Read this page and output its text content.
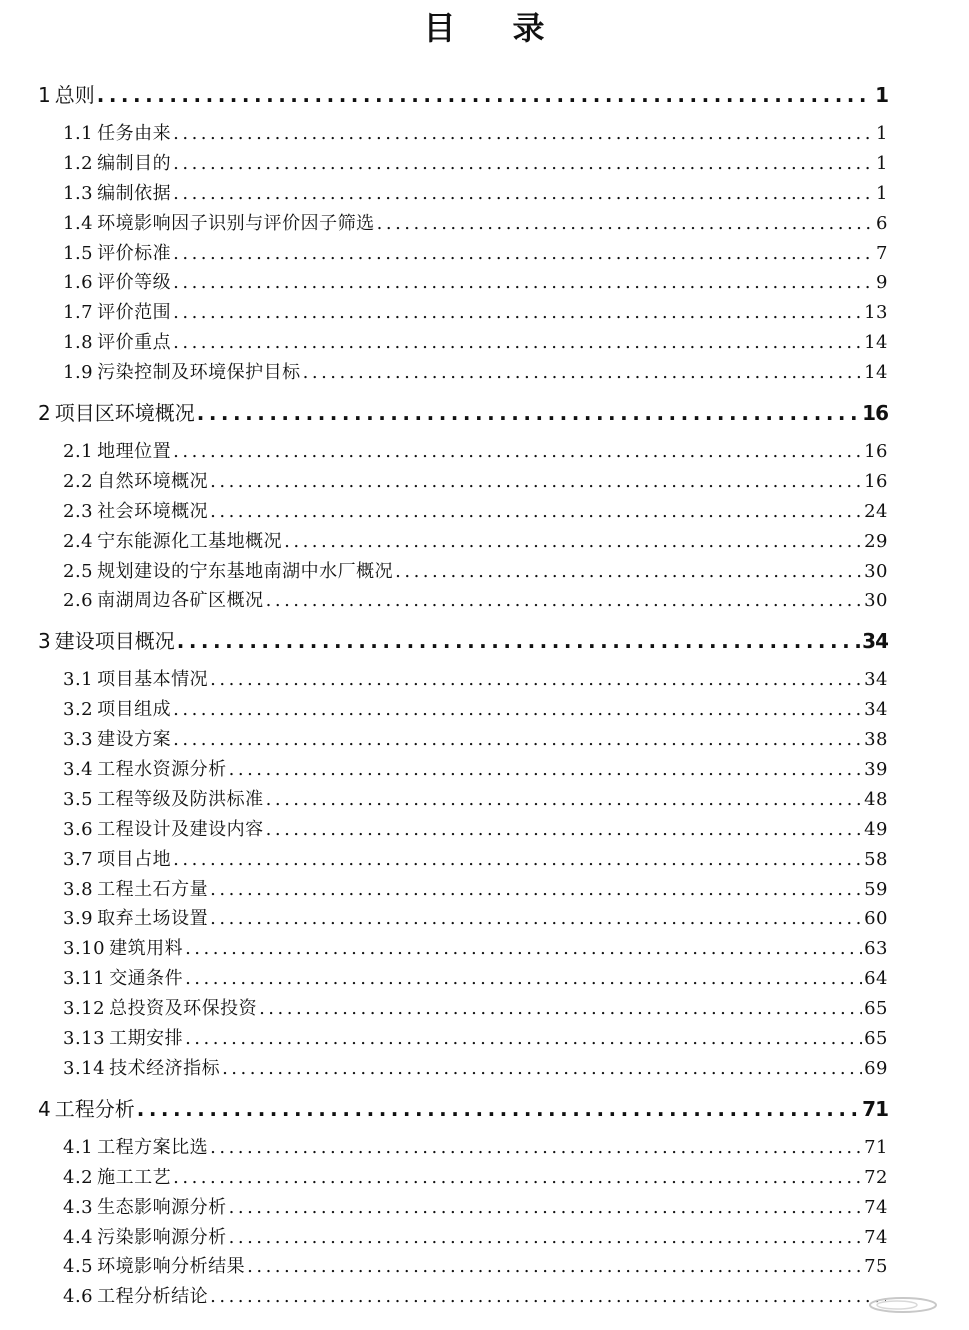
目 录
1 总则 .....	1
1.1 任务由来 .....	1
1.2 编制目的 .....	1
1.3 编制依据 .....	1
1.4 环境影响因子识别与评价因子筛选 .....	6
1.5 评价标准 .....	7
1.6 评价等级 .....	9
1.7 评价范围 .....	13
1.8 评价重点 .....	14
1.9 污染控制及环境保护目标 .....	14
2 项目区环境概况 .....	16
2.1 地理位置 .....	16
2.2 自然环境概况 .....	16
2.3 社会环境概况 .....	24
2.4 宁东能源化工基地概况 .....	29
2.5 规划建设的宁东基地南湖中水厂概况 .....	30
2.6 南湖周边各矿区概况 .....	30
3 建设项目概况 .....	34
3.1 项目基本情况 .....	34
3.2 项目组成 .....	34
3.3 建设方案 .....	38
3.4 工程水资源分析 .....	39
3.5 工程等级及防洪标准 .....	48
3.6 工程设计及建设内容 .....	49
3.7 项目占地 .....	58
3.8 工程土石方量 .....	59
3.9 取弃土场设置 .....	60
3.10 建筑用料 .....	63
3.11 交通条件 .....	64
3.12 总投资及环保投资 .....	65
3.13 工期安排 .....	65
3.14 技术经济指标 .....	69
4 工程分析 .....	71
4.1 工程方案比选 .....	71
4.2 施工工艺 .....	72
4.3 生态影响源分析 .....	74
4.4 污染影响源分析 .....	74
4.5 环境影响分析结果 .....	75
4.6 工程分析结论
.....
